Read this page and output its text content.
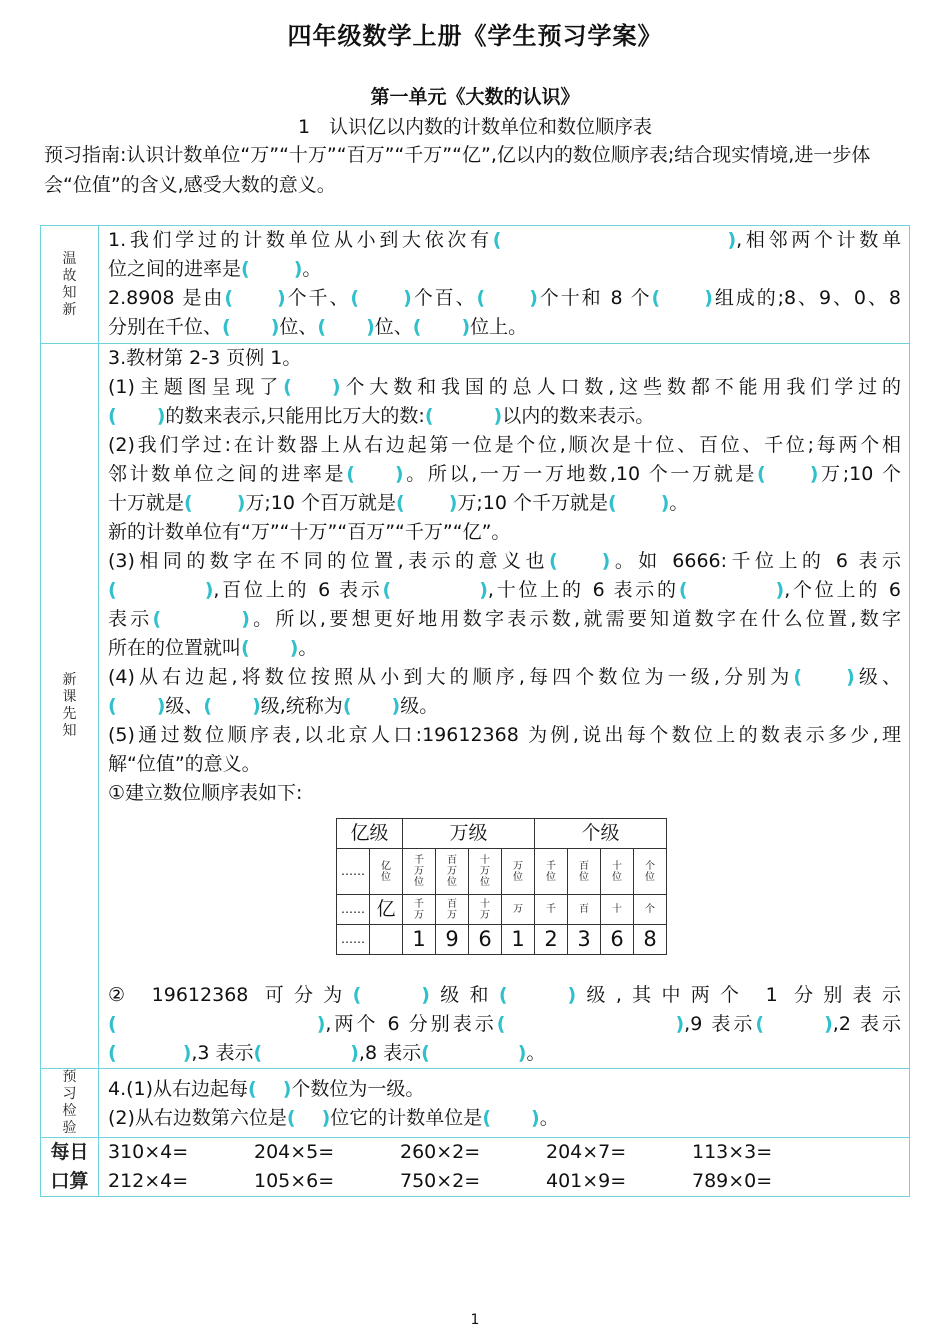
四年级数学上册《学生预习学案》
第一单元《大数的认识》
1　认识亿以内数的计数单位和数位顺序表
预习指南:认识计数单位“万”“十万”“百万”“千万”“亿”,亿以内的数位顺序表;结合现实情境,进一步体会“位值”的含义,感受大数的意义。
温故知新

1.我们学过的计数单位从小到大依次有(	),相邻两个计数单

位之间的进率是( )。

2.8908 是由( )个千、( )个百、( )个十和 8 个( )组成的;8、9、0、8

分别在千位、( )位、( )位、( )位上。

新课先知

3.教材第 2-3 页例 1。

(1)主题图呈现了( )个大数和我国的总人口数,这些数都不能用我们学过的

( )的数来表示,只能用比万大的数:(	)以内的数来表示。

(2)我们学过:在计数器上从右边起第一位是个位,顺次是十位、百位、千位;每两个相

邻计数单位之间的进率是( )。所以,一万一万地数,10 个一万就是( )万;10 个

十万就是( )万;10 个百万就是( )万;10 个千万就是( )。

新的计数单位有“万”“十万”“百万”“千万”“亿”。

(3)相同的数字在不同的位置,表示的意义也( )。如 6666:千位上的 6 表示

(	),百位上的 6 表示(	),十位上的 6 表示的(	),个位上的 6

表示(	)。所以,要想更好地用数字表示数,就需要知道数字在什么位置,数字

所在的位置就叫( )。

(4)从右边起,将数位按照从小到大的顺序,每四个数位为一级,分别为( )级、

( )级、( )级,统称为( )级。

(5)通过数位顺序表,以北京人口:19612368 为例,说出每个数位上的数表示多少,理

解“位值”的意义。

①建立数位顺序表如下:

亿级		万级				个级			
……	亿位	千万位	百万位	十万位	万位	千位	百位	十位	个位
……	亿	千万	百万	十万	万	千	百	十	个
……		1	9	6	1	2	3	6	8

② 19612368 可分为(	)级和(	)级,其中两个 1 分别表示

(	),两个 6 分别表示(	),9 表示(	),2 表示

(	),3 表示(	),8 表示(	)。

预习检验

4.(1)从右边起每( )个数位为一级。

(2)从右边数第六位是( )位它的计数单位是( )。

每日口算
310×4=	204×5=	260×2=	204×7=	113×3=
212×4=	105×6=	750×2=	401×9=	789×0=
1
